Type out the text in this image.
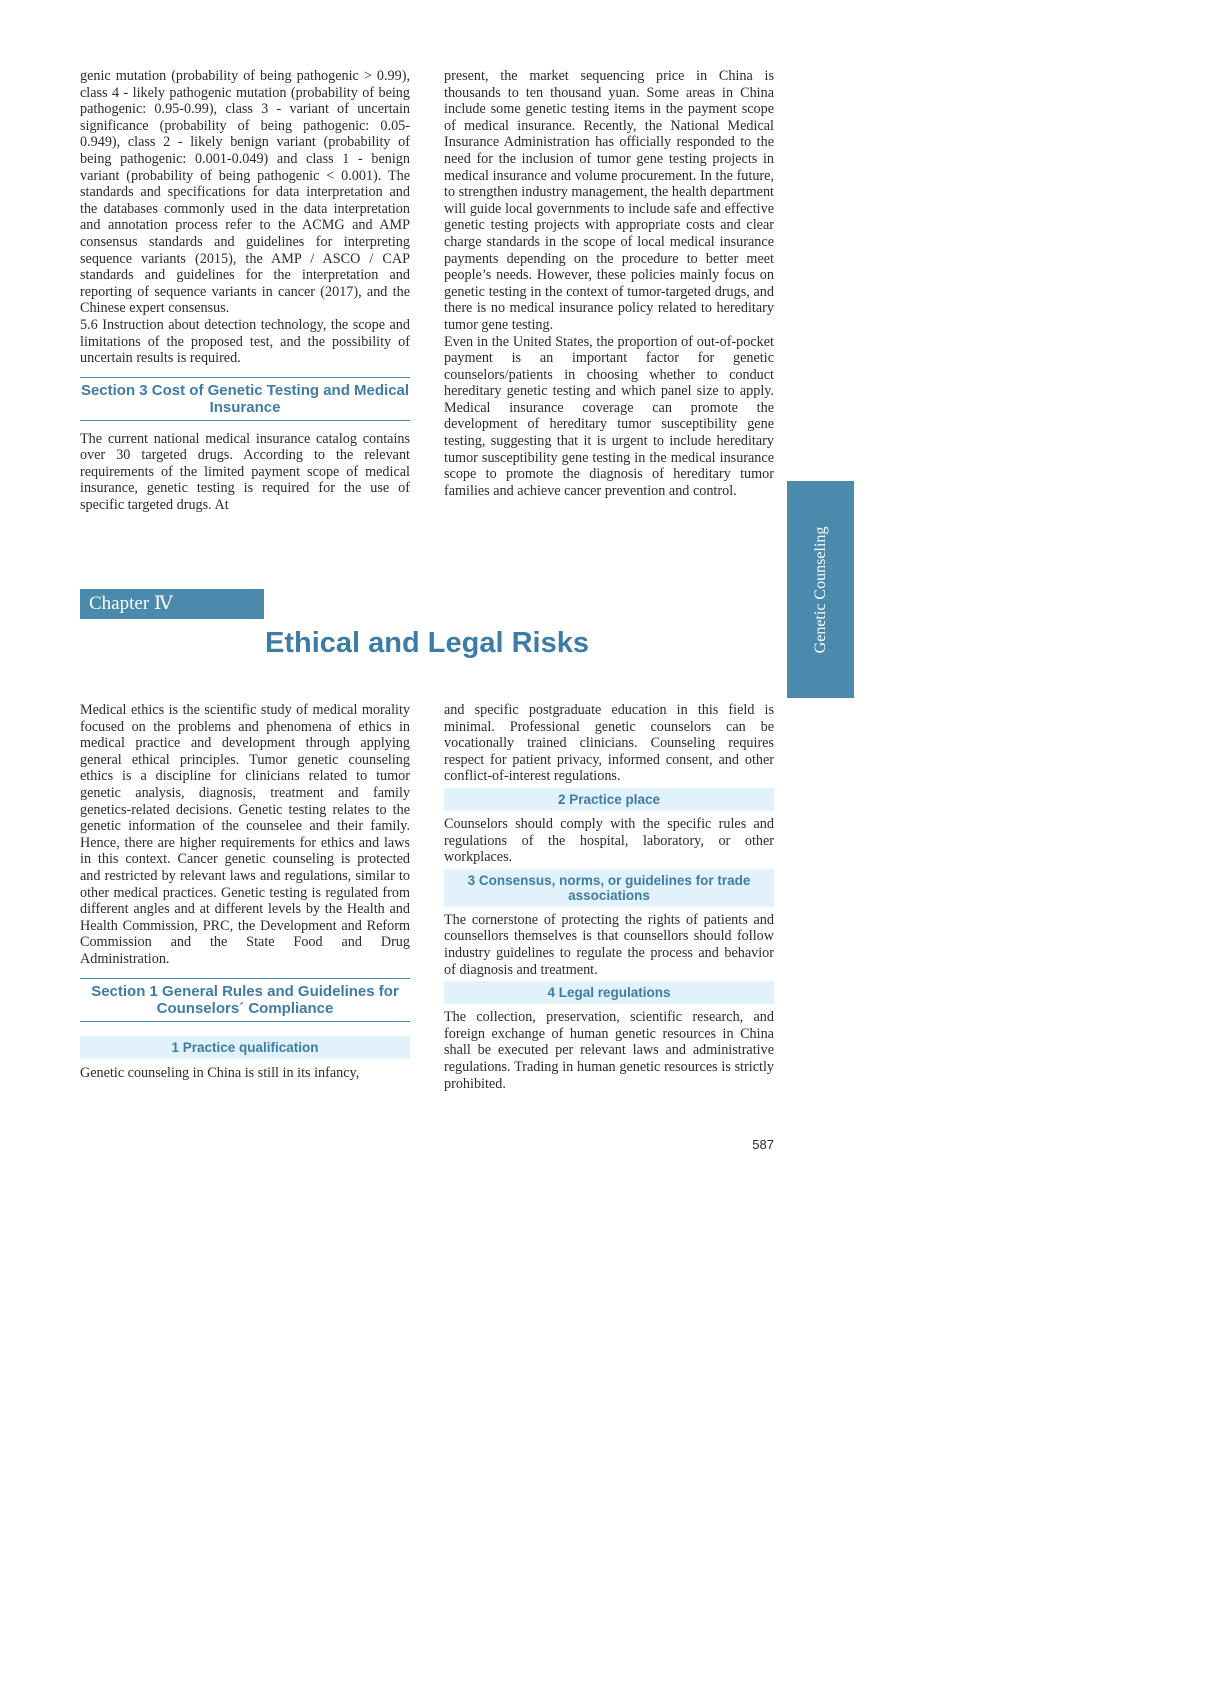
genic mutation (probability of being pathogenic > 0.99), class 4 - likely pathogenic mutation (probability of being pathogenic: 0.95-0.99), class 3 - variant of uncertain significance (probability of being pathogenic: 0.05-0.949), class 2 - likely benign variant (probability of being pathogenic: 0.001-0.049) and class 1 - benign variant (probability of being pathogenic < 0.001). The standards and specifications for data interpretation and the databases commonly used in the data interpretation and annotation process refer to the ACMG and AMP consensus standards and guidelines for interpreting sequence variants (2015), the AMP / ASCO / CAP standards and guidelines for the interpretation and reporting of sequence variants in cancer (2017), and the Chinese expert consensus.

5.6 Instruction about detection technology, the scope and limitations of the proposed test, and the possibility of uncertain results is required.

Section 3 Cost of Genetic Testing and Medical Insurance

The current national medical insurance catalog contains over 30 targeted drugs. According to the relevant requirements of the limited payment scope of medical insurance, genetic testing is required for the use of specific targeted drugs. At

present, the market sequencing price in China is thousands to ten thousand yuan. Some areas in China include some genetic testing items in the payment scope of medical insurance. Recently, the National Medical Insurance Administration has officially responded to the need for the inclusion of tumor gene testing projects in medical insurance and volume procurement. In the future, to strengthen industry management, the health department will guide local governments to include safe and effective genetic testing projects with appropriate costs and clear charge standards in the scope of local medical insurance payments depending on the procedure to better meet people’s needs. However, these policies mainly focus on genetic testing in the context of tumor-targeted drugs, and there is no medical insurance policy related to hereditary tumor gene testing.

Even in the United States, the proportion of out-of-pocket payment is an important factor for genetic counselors/patients in choosing whether to conduct hereditary genetic testing and which panel size to apply. Medical insurance coverage can promote the development of hereditary tumor susceptibility gene testing, suggesting that it is urgent to include hereditary tumor susceptibility gene testing in the medical insurance scope to promote the diagnosis of hereditary tumor families and achieve cancer prevention and control.

Chapter Ⅳ
Ethical and Legal Risks	Genetic Counseling

Medical ethics is the scientific study of medical morality focused on the problems and phenomena of ethics in medical practice and development through applying general ethical principles. Tumor genetic counseling ethics is a discipline for clinicians related to tumor genetic analysis, diagnosis, treatment and family genetics-related decisions. Genetic testing relates to the genetic information of the counselee and their family. Hence, there are higher requirements for ethics and laws in this context. Cancer genetic counseling is protected and restricted by relevant laws and regulations, similar to other medical practices. Genetic testing is regulated from different angles and at different levels by the Health and Health Commission, PRC, the Development and Reform Commission and the State Food and Drug Administration.

Section 1 General Rules and Guidelines for Counselors´ Compliance
1 Practice qualification

Genetic counseling in China is still in its infancy,

and specific postgraduate education in this field is minimal. Professional genetic counselors can be vocationally trained clinicians. Counseling requires respect for patient privacy, informed consent, and other conflict-of-interest regulations.

2 Practice place

Counselors should comply with the specific rules and regulations of the hospital, laboratory, or other workplaces.

3 Consensus, norms, or guidelines for trade associations

The cornerstone of protecting the rights of patients and counsellors themselves is that counsellors should follow industry guidelines to regulate the process and behavior of diagnosis and treatment.

4 Legal regulations

The collection, preservation, scientific research, and foreign exchange of human genetic resources in China shall be executed per relevant laws and administrative regulations. Trading in human genetic resources is strictly prohibited.

587
